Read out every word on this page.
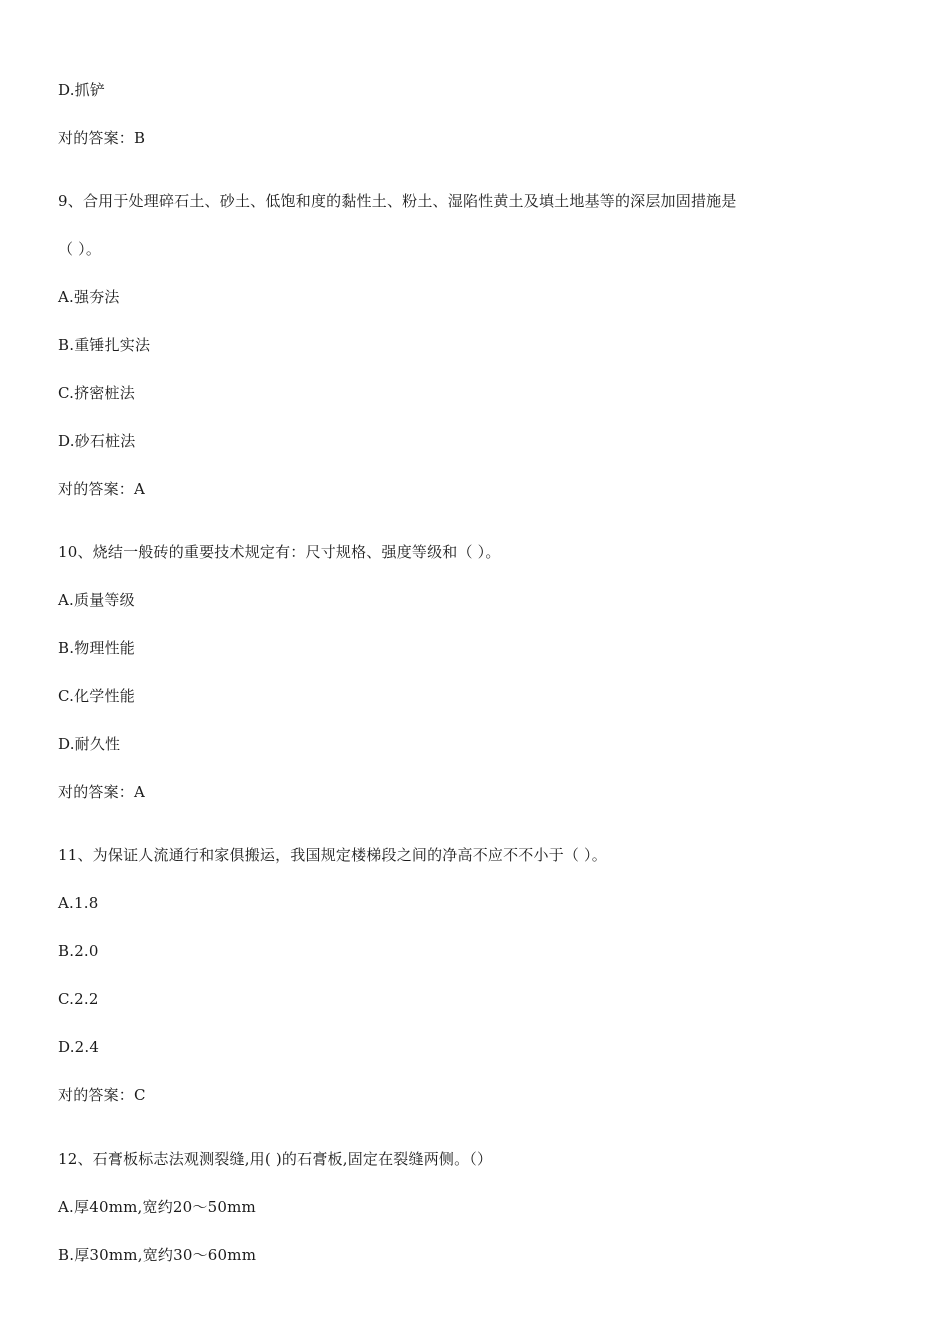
D.抓铲
对的答案：B
9、合用于处理碎石土、砂土、低饱和度的黏性土、粉土、湿陷性黄土及填土地基等的深层加固措施是
（ ）。
A.强夯法
B.重锤扎实法
C.挤密桩法
D.砂石桩法
对的答案：A
10、烧结一般砖的重要技术规定有：尺寸规格、强度等级和（ ）。
A.质量等级
B.物理性能
C.化学性能
D.耐久性
对的答案：A
11、为保证人流通行和家俱搬运，我国规定楼梯段之间的净高不应不不小于（ ）。
A.1.8
B.2.0
C.2.2
D.2.4
对的答案：C
12、石膏板标志法观测裂缝,用( )的石膏板,固定在裂缝两侧。（）
A.厚40mm,宽约20～50mm
B.厚30mm,宽约30～60mm
